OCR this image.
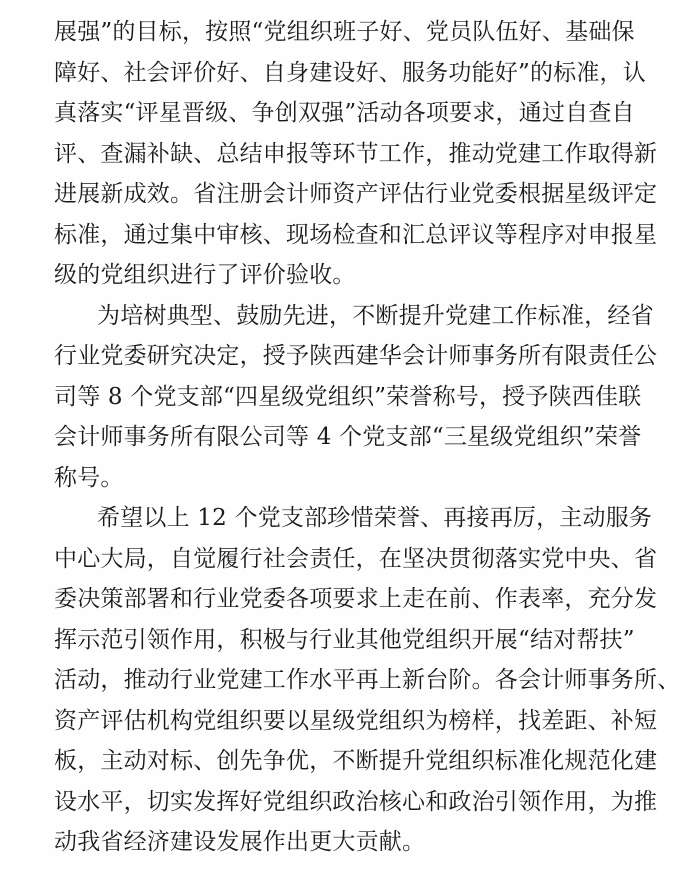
展强”的目标，按照“党组织班子好、党员队伍好、基础保
障好、社会评价好、自身建设好、服务功能好”的标准，认
真落实“评星晋级、争创双强”活动各项要求，通过自查自
评、查漏补缺、总结申报等环节工作，推动党建工作取得新
进展新成效。省注册会计师资产评估行业党委根据星级评定
标准，通过集中审核、现场检查和汇总评议等程序对申报星
级的党组织进行了评价验收。
为培树典型、鼓励先进，不断提升党建工作标准，经省
行业党委研究决定，授予陕西建华会计师事务所有限责任公
司等 8 个党支部“四星级党组织”荣誉称号，授予陕西佳联
会计师事务所有限公司等 4 个党支部“三星级党组织”荣誉
称号。
希望以上 12 个党支部珍惜荣誉、再接再厉，主动服务
中心大局，自觉履行社会责任，在坚决贯彻落实党中央、省
委决策部署和行业党委各项要求上走在前、作表率，充分发
挥示范引领作用，积极与行业其他党组织开展“结对帮扶”
活动，推动行业党建工作水平再上新台阶。各会计师事务所、
资产评估机构党组织要以星级党组织为榜样，找差距、补短
板，主动对标、创先争优，不断提升党组织标准化规范化建
设水平，切实发挥好党组织政治核心和政治引领作用，为推
动我省经济建设发展作出更大贡献。
